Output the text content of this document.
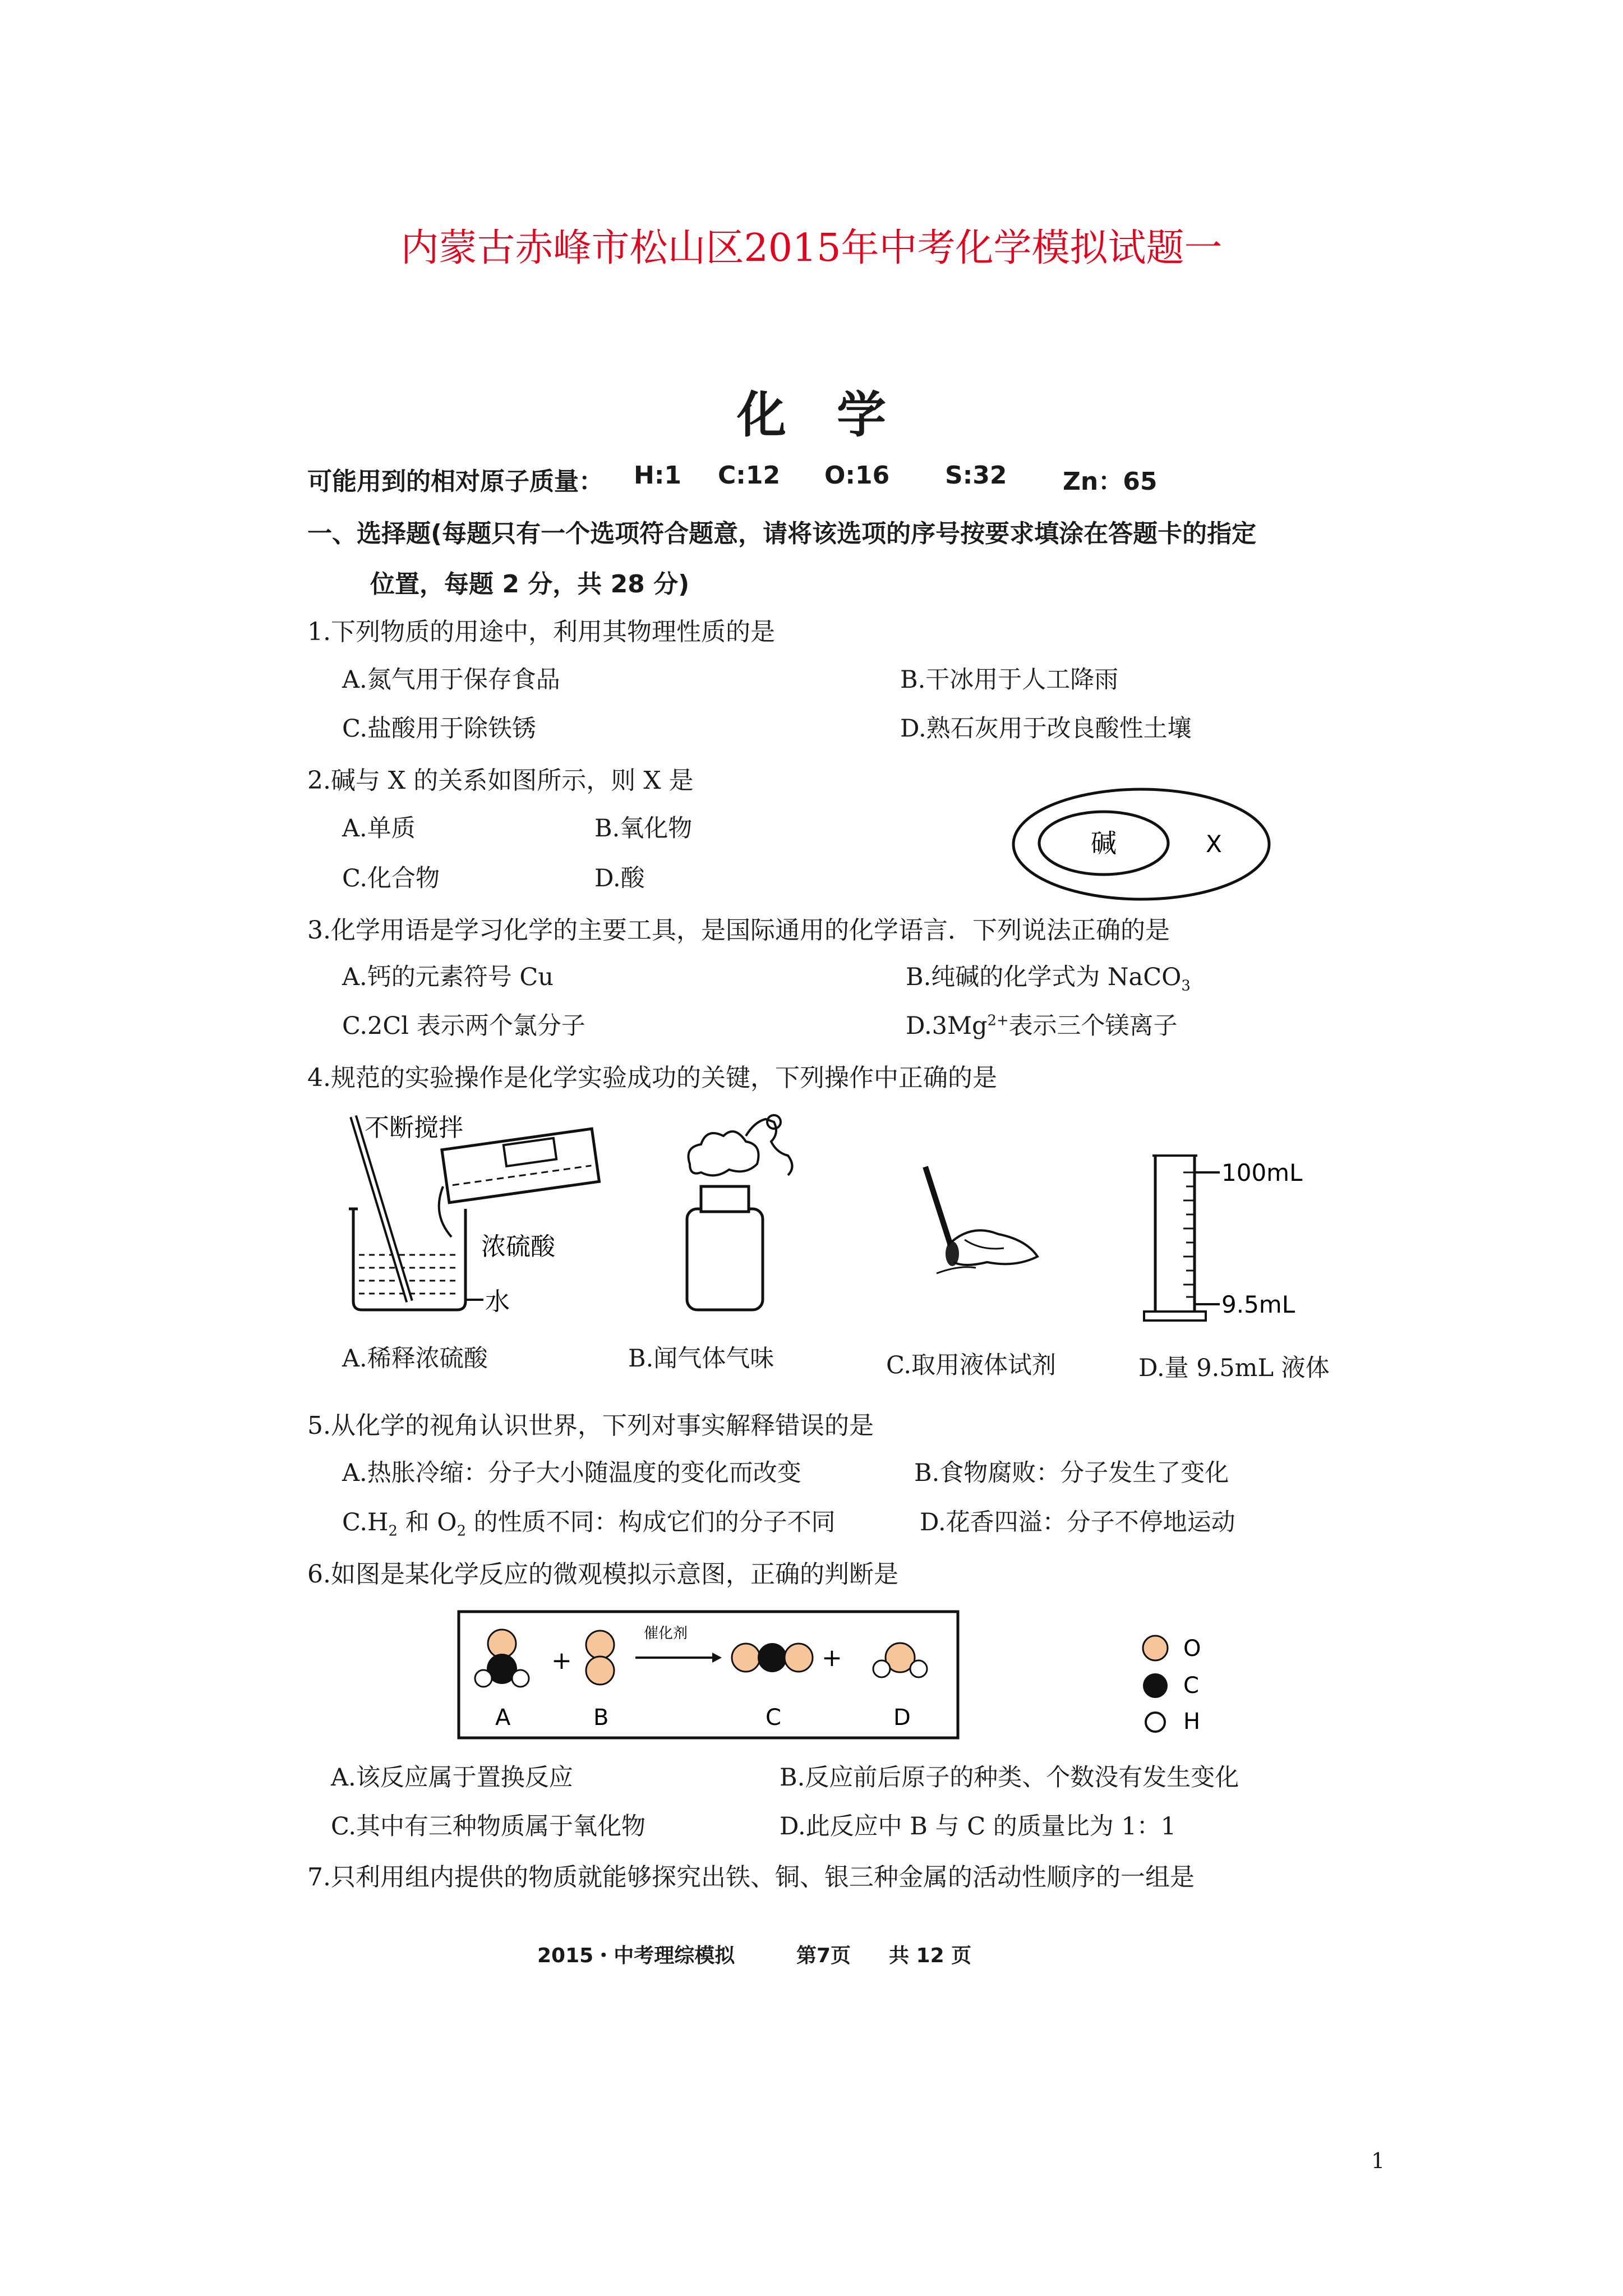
内蒙古赤峰市松山区2015年中考化学模拟试题一
化学
可能用到的相对原子质量： H:1 C:12 O:16 S:32 Zn：65
一、选择题(每题只有一个选项符合题意，请将该选项的序号按要求填涂在答题卡的指定
位置，每题 2 分，共 28 分)
1.下列物质的用途中，利用其物理性质的是
A.氮气用于保存食品	B.干冰用于人工降雨
C.盐酸用于除铁锈	D.熟石灰用于改良酸性土壤
2.碱与 X 的关系如图所示，则 X 是
A.单质	B.氧化物
C.化合物	D.酸
碱	X
3.化学用语是学习化学的主要工具，是国际通用的化学语言．下列说法正确的是
A.钙的元素符号 Cu	B.纯碱的化学式为 NaCO$_3$
C.2Cl 表示两个氯分子	$D.3Mg^{2+}$表示三个镁离子
4.规范的实验操作是化学实验成功的关键，下列操作中正确的是
不断搅拌
浓硫酸
水
100mL
9.5mL
A.稀释浓硫酸	B.闻气体气味	C.取用液体试剂	D.量 9.5mL 液体
5.从化学的视角认识世界，下列对事实解释错误的是
A.热胀冷缩：分子大小随温度的变化而改变	B.食物腐败：分子发生了变化
$C.H_2$ 和 $O_2$ 的性质不同：构成它们的分子不同	D.花香四溢：分子不停地运动
6.如图是某化学反应的微观模拟示意图，正确的判断是
+
催化剂
+
A	B	C	D
O
C
H
A.该反应属于置换反应	B.反应前后原子的种类、个数没有发生变化
C.其中有三种物质属于氧化物	D.此反应中 B 与 C 的质量比为 1：1
7.只利用组内提供的物质就能够探究出铁、铜、银三种金属的活动性顺序的一组是
2015・中考理综模拟	第7页 共 12 页
1
